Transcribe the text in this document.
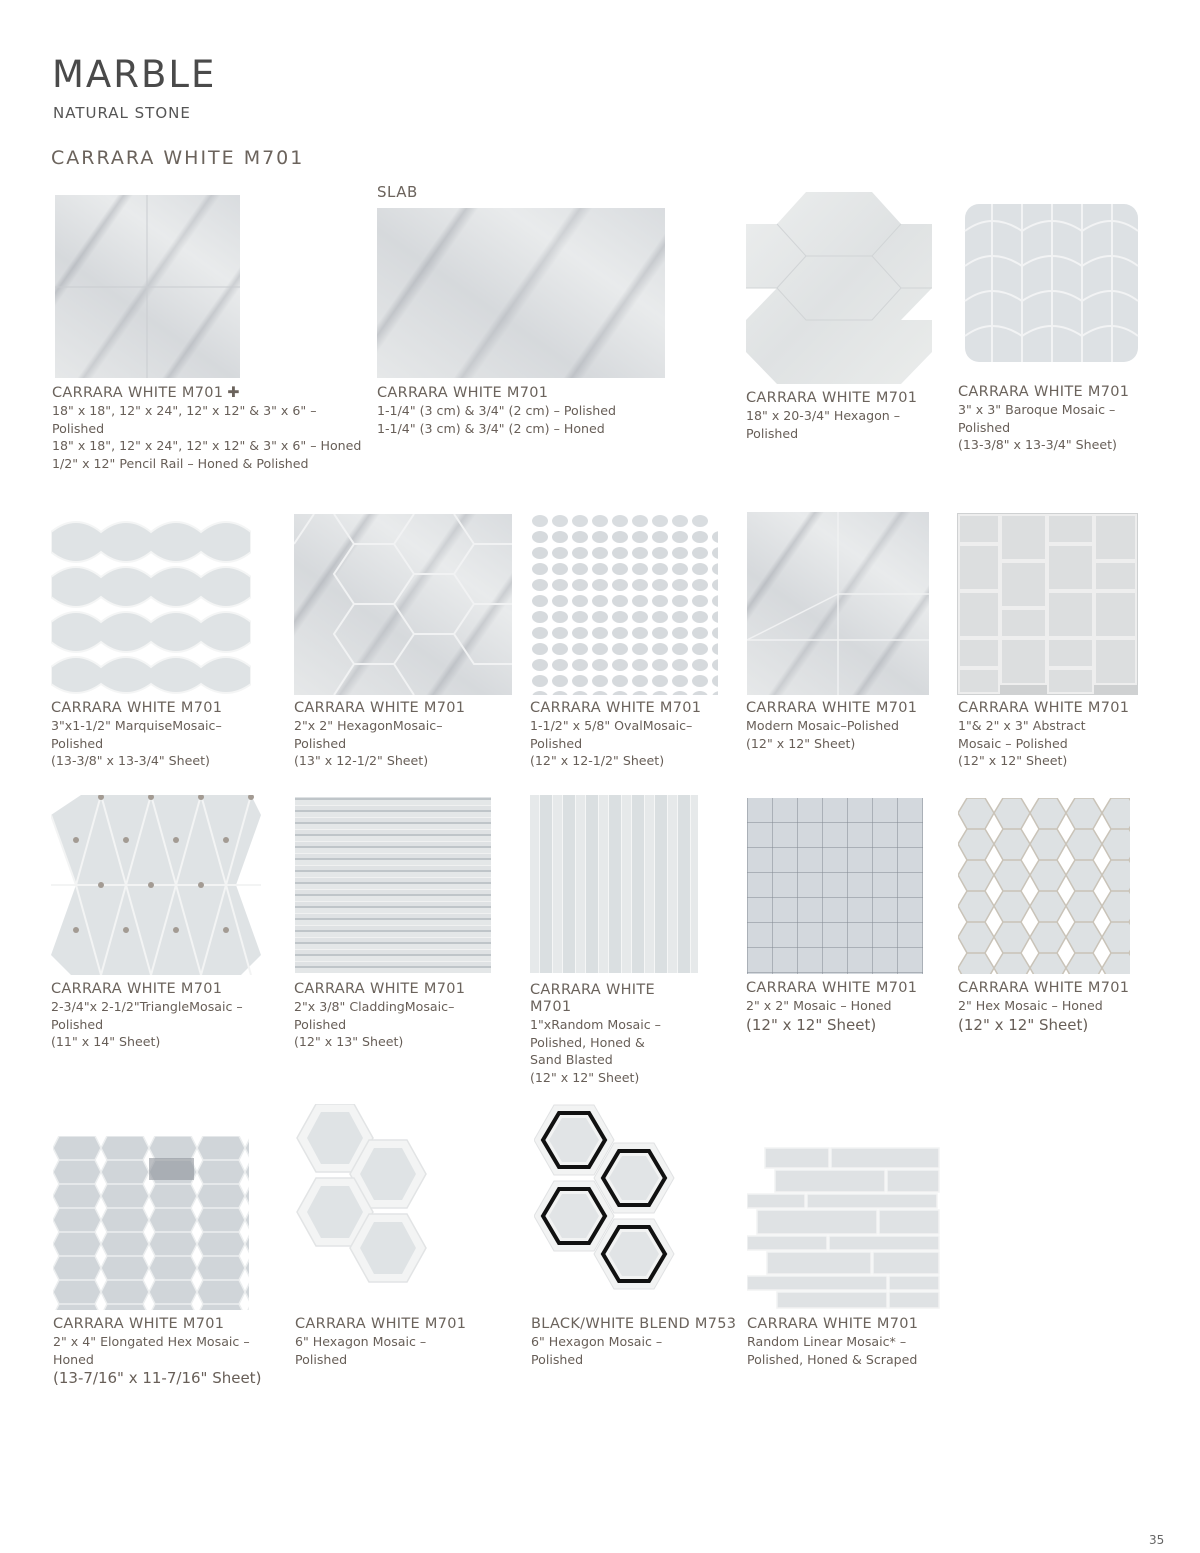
MARBLE
NATURAL STONE
CARRARA WHITE M701
SLAB
CARRARA WHITE M701 ✚
18" x 18", 12" x 24", 12" x 12" & 3" x 6" – Polished
18" x 18", 12" x 24", 12" x 12" & 3" x 6" – Honed
1/2" x 12" Pencil Rail – Honed & Polished
CARRARA WHITE M701
1-1/4" (3 cm) & 3/4" (2 cm) – Polished
1-1/4" (3 cm) & 3/4" (2 cm) – Honed
CARRARA WHITE M701
18" x 20-3/4" Hexagon –
Polished
CARRARA WHITE M701
3" x 3" Baroque Mosaic –
Polished
(13-3/8" x 13-3/4" Sheet)
CARRARA WHITE M701
3"x1-1/2" MarquiseMosaic–
Polished
(13-3/8" x 13-3/4" Sheet)
CARRARA WHITE M701
2"x 2" HexagonMosaic–
Polished
(13" x 12-1/2" Sheet)
CARRARA WHITE M701
1-1/2" x 5/8" OvalMosaic–
Polished
(12" x 12-1/2" Sheet)
CARRARA WHITE M701
Modern Mosaic–Polished
(12" x 12" Sheet)
CARRARA WHITE M701
1"& 2" x 3" Abstract
Mosaic – Polished
(12" x 12" Sheet)
CARRARA WHITE M701
2-3/4"x 2-1/2"TriangleMosaic –
Polished
(11" x 14" Sheet)
CARRARA WHITE M701
2"x 3/8" CladdingMosaic–
Polished
(12" x 13" Sheet)
CARRARA WHITE
M701
1"xRandom Mosaic –
Polished, Honed &
Sand Blasted
(12" x 12" Sheet)
CARRARA WHITE M701
2" x 2" Mosaic – Honed
(12" x 12" Sheet)
CARRARA WHITE M701
2" Hex Mosaic – Honed
(12" x 12" Sheet)
CARRARA WHITE M701
2" x 4" Elongated Hex Mosaic –
Honed
(13-7/16" x 11-7/16" Sheet)
CARRARA WHITE M701
6" Hexagon Mosaic –
Polished
BLACK/WHITE BLEND M753
6" Hexagon Mosaic –
Polished
CARRARA WHITE M701
Random Linear Mosaic* –
Polished, Honed & Scraped
35
